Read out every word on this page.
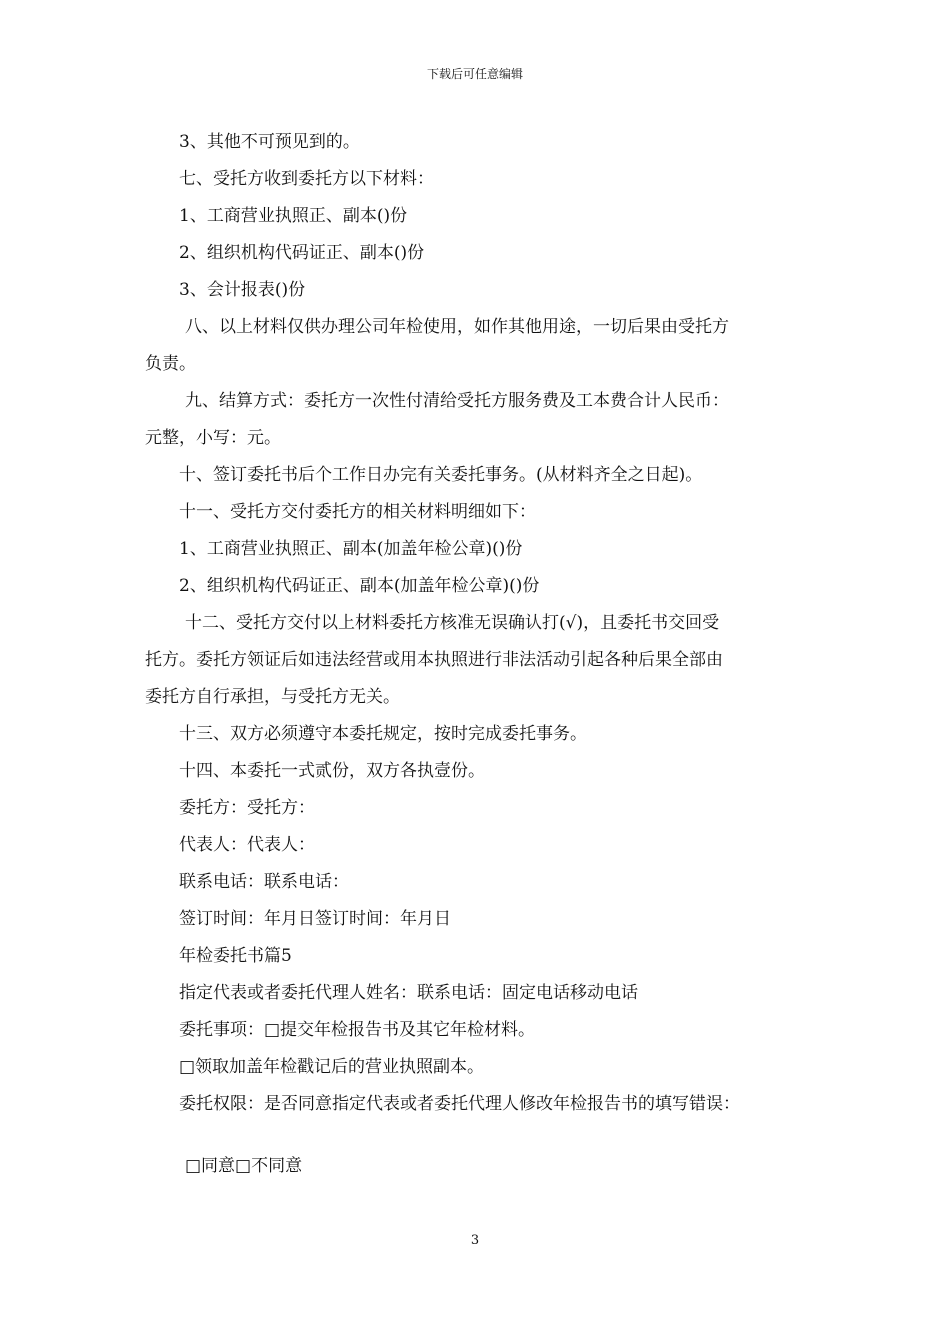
下载后可任意编辑
3、其他不可预见到的。
七、受托方收到委托方以下材料：
1、工商营业执照正、副本()份
2、组织机构代码证正、副本()份
3、会计报表()份
八、以上材料仅供办理公司年检使用，如作其他用途，一切后果由受托方
负责。
九、结算方式：委托方一次性付清给受托方服务费及工本费合计人民币：
元整，小写：元。
十、签订委托书后个工作日办完有关委托事务。(从材料齐全之日起)。
十一、受托方交付委托方的相关材料明细如下：
1、工商营业执照正、副本(加盖年检公章)()份
2、组织机构代码证正、副本(加盖年检公章)()份
十二、受托方交付以上材料委托方核准无误确认打(√)，且委托书交回受
托方。委托方领证后如违法经营或用本执照进行非法活动引起各种后果全部由
委托方自行承担，与受托方无关。
十三、双方必须遵守本委托规定，按时完成委托事务。
十四、本委托一式贰份，双方各执壹份。
委托方：受托方：
代表人：代表人：
联系电话：联系电话：
签订时间：年月日签订时间：年月日
年检委托书篇5
指定代表或者委托代理人姓名：联系电话：固定电话移动电话
委托事项：□提交年检报告书及其它年检材料。
□领取加盖年检戳记后的营业执照副本。
委托权限：是否同意指定代表或者委托代理人修改年检报告书的填写错误：
□同意□不同意
3
